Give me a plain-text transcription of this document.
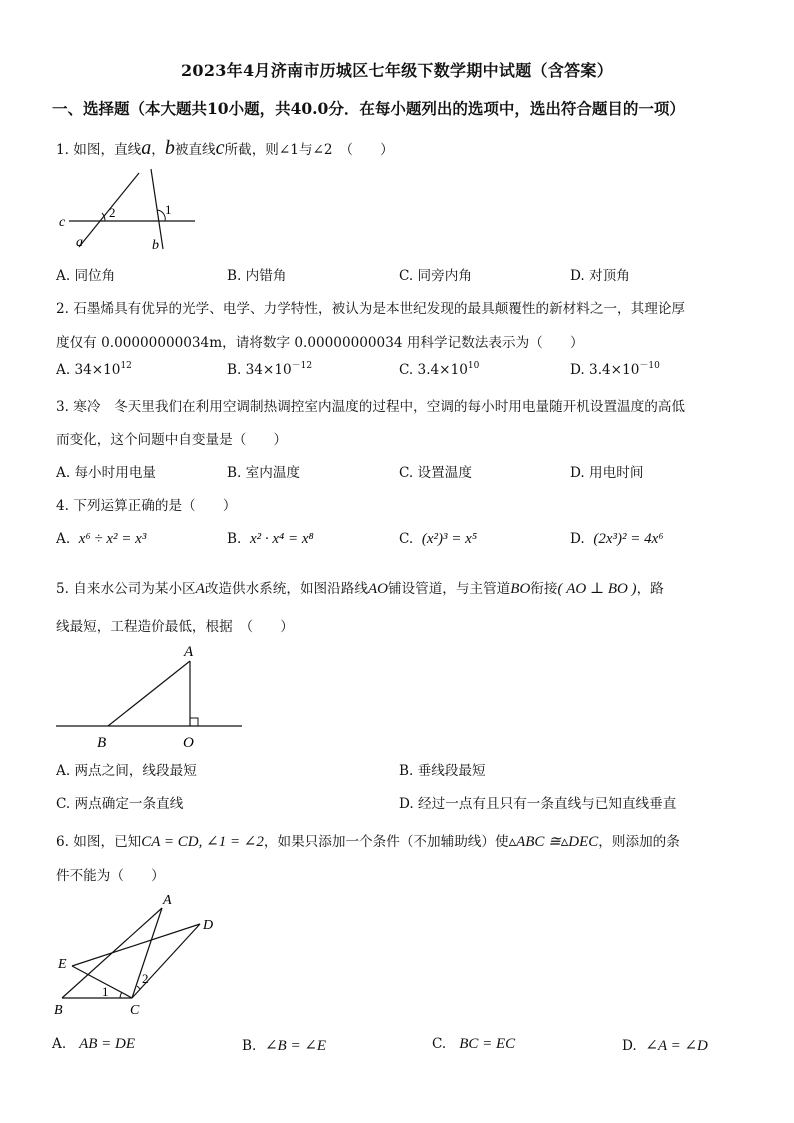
2023年4月济南市历城区七年级下数学期中试题（含答案）
一、选择题（本大题共10小题，共40.0分．在每小题列出的选项中，选出符合题目的一项）
1. 如图，直线a，b被直线c所截，则∠1与∠2　（　　）
c
a	b
1
2
A. 同位角	B. 内错角	C. 同旁内角	D. 对顶角
2. 石墨烯具有优异的光学、电学、力学特性，被认为是本世纪发现的最具颠覆性的新材料之一，其理论厚
度仅有 0.00000000034m，请将数字 0.00000000034 用科学记数法表示为（　　）
A. $34\times 10^{12}$	B. $34\times 10^{-12}$	C. $3.4\times 10^{10}$	D. $3.4\times 10^{-10}$
3. 寒冷　冬天里我们在利用空调制热调控室内温度的过程中，空调的每小时用电量随开机设置温度的高低
而变化，这个问题中自变量是（　　）
A. 每小时用电量	B. 室内温度	C. 设置温度	D. 用电时间
4. 下列运算正确的是（　　）
A. x⁶ ÷ x² = x³	B. x² · x⁴ = x⁸	C. (x²)³ = x⁵	D. (2x³)² = 4x⁶
5. 自来水公司为某小区A改造供水系统，如图沿路线AO铺设管道，与主管道BO衔接( AO ⊥ BO )，路
线最短，工程造价最低，根据　（　　）
A
B	O
A. 两点之间，线段最短	B. 垂线段最短
C. 两点确定一条直线	D. 经过一点有且只有一条直线与已知直线垂直
6. 如图，已知CA = CD, ∠1 = ∠2，如果只添加一个条件（不加辅助线）使▵ABC ≅▵DEC，则添加的条
件不能为（　　）
A
B	C
D
E
1
2
A. AB = DE	B. ∠B = ∠E	C. BC = EC	D. ∠A = ∠D
